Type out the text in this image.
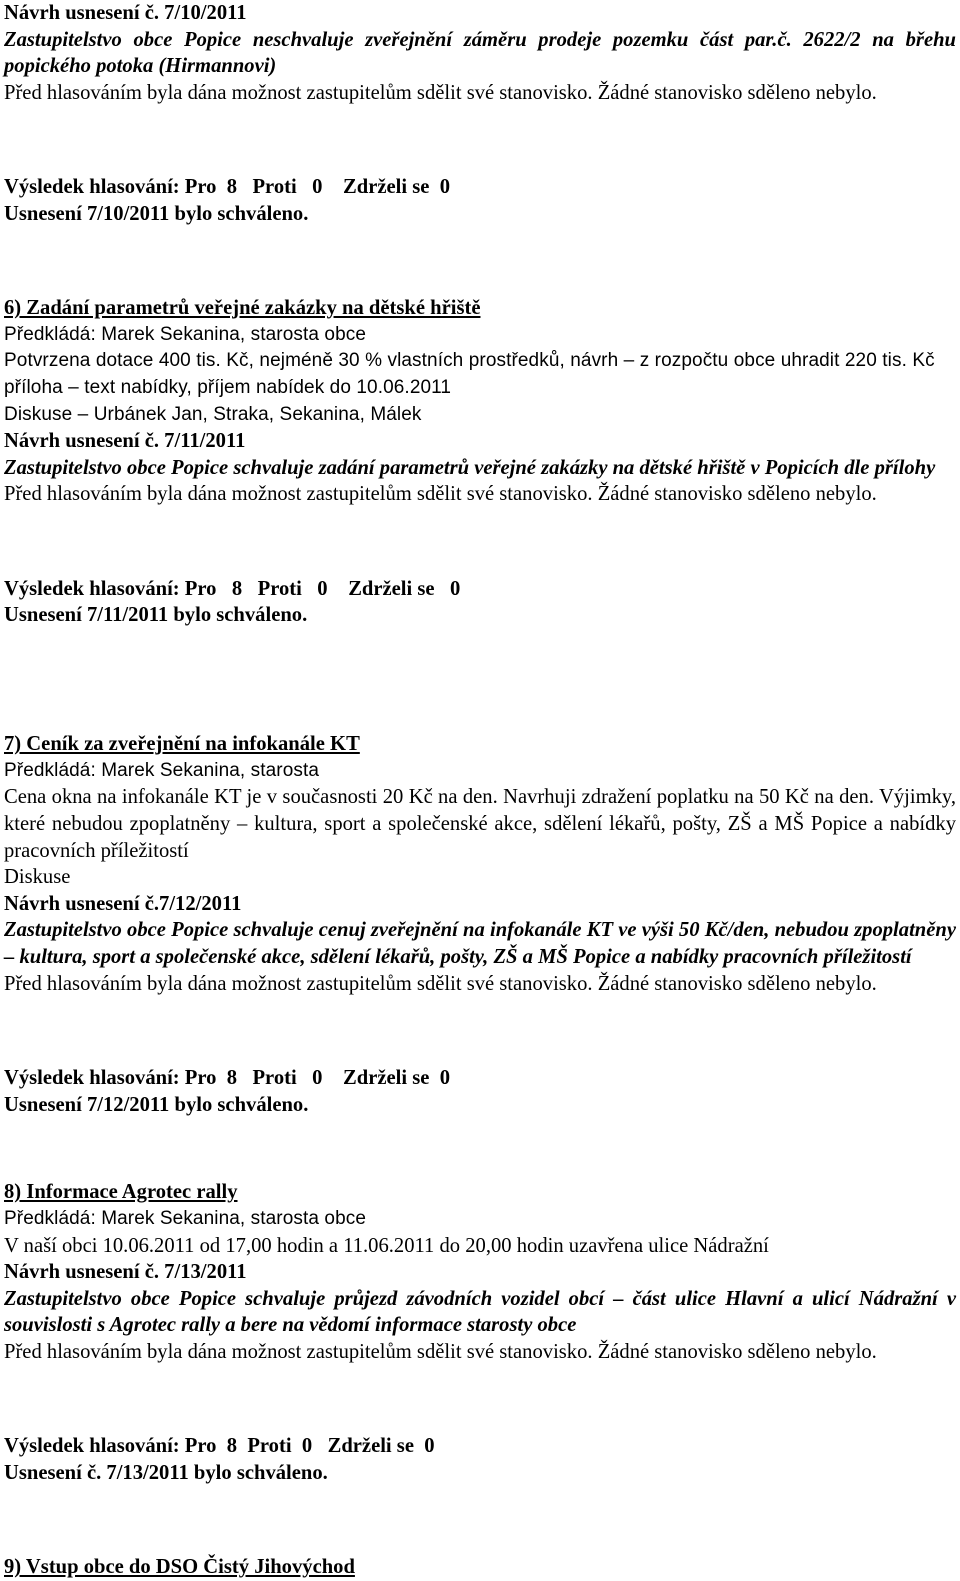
Návrh usnesení č. 7/10/2011

Zastupitelstvo obce Popice neschvaluje zveřejnění záměru prodeje pozemku část par.č. 2622/2 na břehu popického potoka (Hirmannovi)

Před hlasováním byla dána možnost zastupitelům sdělit své stanovisko. Žádné stanovisko sděleno nebylo.

Výsledek hlasování: Pro  8   Proti   0    Zdrželi se  0

Usnesení 7/10/2011 bylo schváleno.

6) Zadání parametrů veřejné zakázky na dětské hřiště

Předkládá: Marek Sekanina, starosta obce

Potvrzena dotace 400 tis. Kč, nejméně 30 % vlastních prostředků, návrh – z rozpočtu obce uhradit 220 tis. Kč

příloha – text nabídky, příjem nabídek do 10.06.2011

Diskuse – Urbánek Jan, Straka, Sekanina, Málek

Návrh usnesení č. 7/11/2011

Zastupitelstvo obce Popice schvaluje zadání parametrů veřejné zakázky na dětské hřiště v Popicích dle přílohy

Před hlasováním byla dána možnost zastupitelům sdělit své stanovisko. Žádné stanovisko sděleno nebylo.

Výsledek hlasování: Pro   8   Proti   0    Zdrželi se   0

Usnesení 7/11/2011 bylo schváleno.

7) Ceník za zveřejnění na infokanále KT

Předkládá: Marek Sekanina, starosta

Cena okna na infokanále KT je v současnosti 20 Kč na den. Navrhuji zdražení poplatku na 50 Kč na den. Výjimky, které nebudou zpoplatněny – kultura, sport a společenské akce, sdělení lékařů, pošty, ZŠ a MŠ Popice a nabídky pracovních příležitostí

Diskuse

Návrh usnesení č.7/12/2011

Zastupitelstvo obce Popice schvaluje cenuj zveřejnění na infokanále KT ve výši 50 Kč/den, nebudou zpoplatněny – kultura, sport a společenské akce, sdělení lékařů, pošty, ZŠ a MŠ Popice a nabídky pracovních příležitostí

Před hlasováním byla dána možnost zastupitelům sdělit své stanovisko. Žádné stanovisko sděleno nebylo.

Výsledek hlasování: Pro  8   Proti   0    Zdrželi se  0

Usnesení 7/12/2011 bylo schváleno.

8) Informace Agrotec rally

Předkládá: Marek Sekanina, starosta obce

V naší obci 10.06.2011 od 17,00 hodin a 11.06.2011 do 20,00 hodin uzavřena ulice Nádražní

Návrh usnesení č. 7/13/2011

Zastupitelstvo obce Popice schvaluje průjezd závodních vozidel obcí – část ulice Hlavní a ulicí Nádražní v souvislosti s Agrotec rally a bere na vědomí informace starosty obce

Před hlasováním byla dána možnost zastupitelům sdělit své stanovisko. Žádné stanovisko sděleno nebylo.

Výsledek hlasování: Pro  8  Proti  0   Zdrželi se  0

Usnesení č. 7/13/2011 bylo schváleno.

9) Vstup obce do DSO Čistý Jihovýchod
